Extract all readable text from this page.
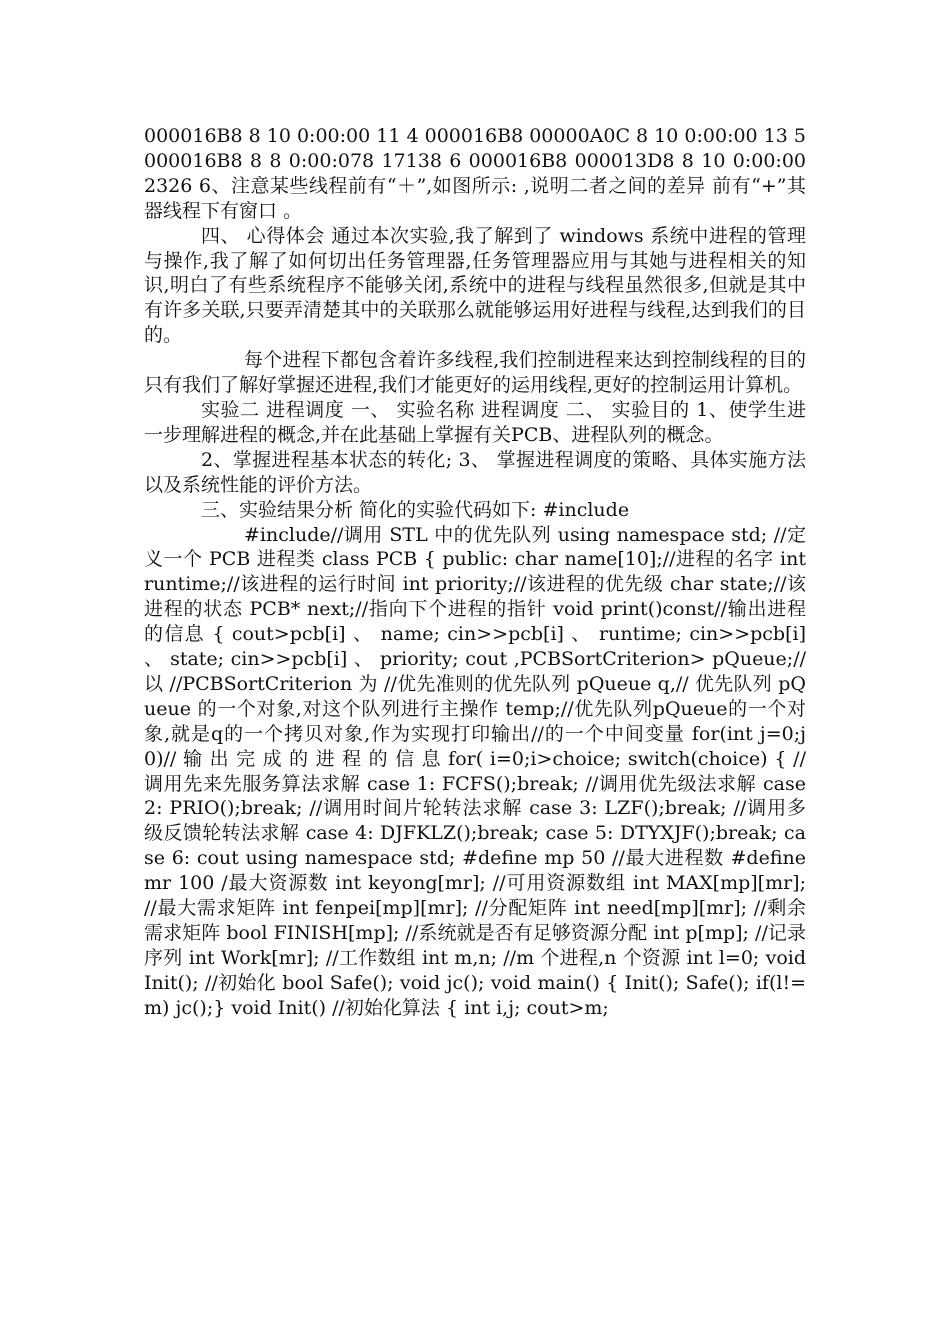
000016B8 8 10 0:00:00 11 4 000016B8 00000A0C 8 10 0:00:00 13 5 000016B8 8 8 0:00:078 17138 6 000016B8 000013D8 8 10 0:00:00 2326 6、注意某些线程前有“＋”,如图所示: ,说明二者之间的差异 前有“+”其器线程下有窗口 。

四、 心得体会 通过本次实验,我了解到了 windows 系统中进程的管理与操作,我了解了如何切出任务管理器,任务管理器应用与其她与进程相关的知识,明白了有些系统程序不能够关闭,系统中的进程与线程虽然很多,但就是其中有许多关联,只要弄清楚其中的关联那么就能够运用好进程与线程,达到我们的目的。

每个进程下都包含着许多线程,我们控制进程来达到控制线程的目的只有我们了解好掌握还进程,我们才能更好的运用线程,更好的控制运用计算机。

实验二 进程调度 一、 实验名称 进程调度 二、 实验目的 1、使学生进一步理解进程的概念,并在此基础上掌握有关PCB、进程队列的概念。

2、掌握进程基本状态的转化; 3、 掌握进程调度的策略、具体实施方法以及系统性能的评价方法。

三、实验结果分析 简化的实验代码如下: #include

#include//调用 STL 中的优先队列 using namespace std; //定义一个 PCB 进程类 class PCB { public: char name[10];//进程的名字 int runtime;//该进程的运行时间 int priority;//该进程的优先级 char state;//该进程的状态 PCB* next;//指向下个进程的指针 void print()const//输出进程的信息 { cout>pcb[i] 、 name; cin>>pcb[i] 、 runtime; cin>>pcb[i] 、 state; cin>>pcb[i] 、 priority; cout ,PCBSortCriterion> pQueue;//以 //PCBSortCriterion 为 //优先准则的优先队列 pQueue q,// 优先队列 pQueue 的一个对象,对这个队列进行主操作 temp;//优先队列pQueue的一个对象,就是q的一个拷贝对象,作为实现打印输出//的一个中间变量 for(int j=0;j0)// 输 出 完 成 的 进 程 的 信 息 for( i=0;i>choice; switch(choice) { //调用先来先服务算法求解 case 1: FCFS();break; //调用优先级法求解 case 2: PRIO();break; //调用时间片轮转法求解 case 3: LZF();break; //调用多级反馈轮转法求解 case 4: DJFKLZ();break; case 5: DTYXJF();break; case 6: cout using namespace std; #define mp 50 //最大进程数 #define mr 100 /最大资源数 int keyong[mr]; //可用资源数组 int MAX[mp][mr]; //最大需求矩阵 int fenpei[mp][mr]; //分配矩阵 int need[mp][mr]; //剩余需求矩阵 bool FINISH[mp]; //系统就是否有足够资源分配 int p[mp]; //记录序列 int Work[mr]; //工作数组 int m,n; //m 个进程,n 个资源 int l=0; void Init(); //初始化 bool Safe(); void jc(); void main() { Init(); Safe(); if(l!=m) jc();} void Init() //初始化算法 { int i,j; cout>m;
